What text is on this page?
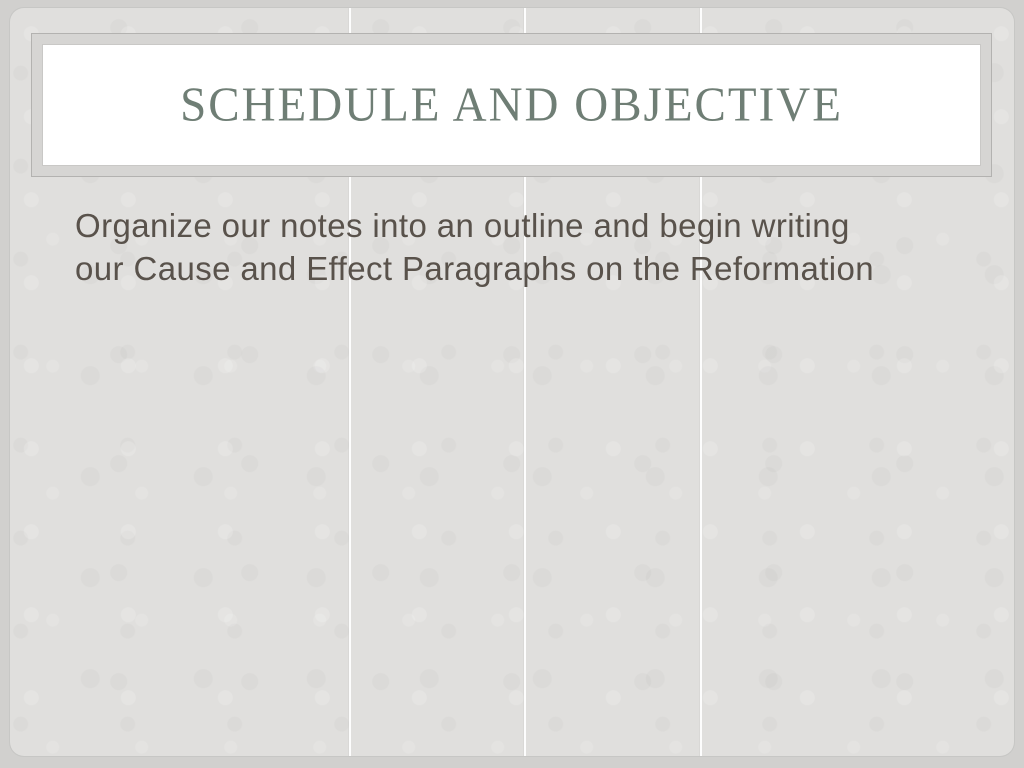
SCHEDULE AND OBJECTIVE
Organize our notes into an outline and begin writing
our Cause and Effect Paragraphs on the Reformation
